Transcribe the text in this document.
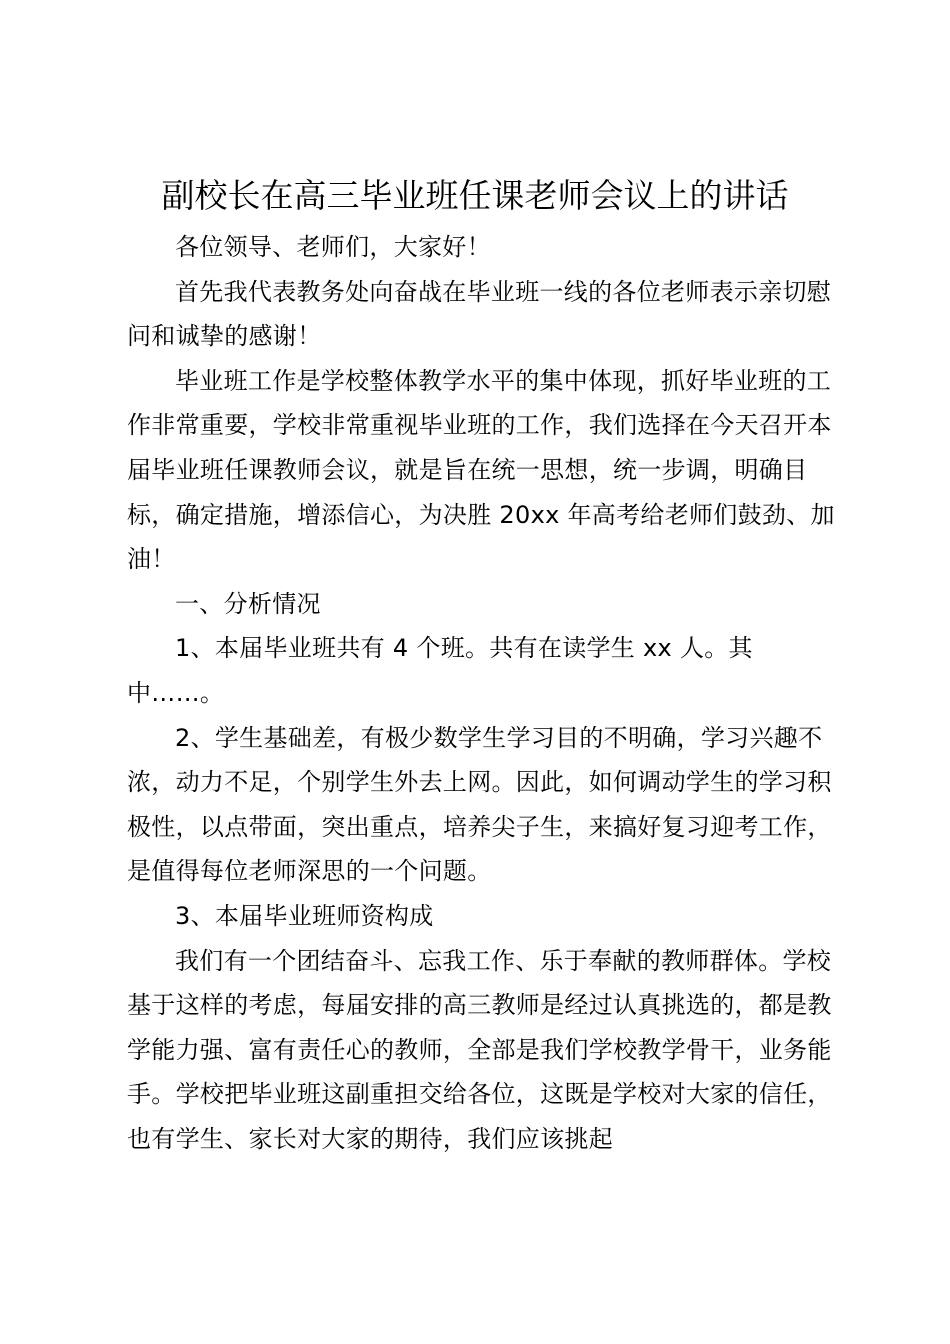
副校长在高三毕业班任课老师会议上的讲话

各位领导、老师们，大家好！

首先我代表教务处向奋战在毕业班一线的各位老师表示亲切慰问和诚挚的感谢！

毕业班工作是学校整体教学水平的集中体现，抓好毕业班的工作非常重要，学校非常重视毕业班的工作，我们选择在今天召开本届毕业班任课教师会议，就是旨在统一思想，统一步调，明确目标，确定措施，增添信心，为决胜 20xx 年高考给老师们鼓劲、加油！

一、分析情况

1、本届毕业班共有 4 个班。共有在读学生 xx 人。其中……。

2、学生基础差，有极少数学生学习目的不明确，学习兴趣不浓，动力不足，个别学生外去上网。因此，如何调动学生的学习积极性，以点带面，突出重点，培养尖子生，来搞好复习迎考工作，是值得每位老师深思的一个问题。

3、本届毕业班师资构成

我们有一个团结奋斗、忘我工作、乐于奉献的教师群体。学校基于这样的考虑，每届安排的高三教师是经过认真挑选的，都是教学能力强、富有责任心的教师，全部是我们学校教学骨干，业务能手。学校把毕业班这副重担交给各位，这既是学校对大家的信任，也有学生、家长对大家的期待，我们应该挑起
